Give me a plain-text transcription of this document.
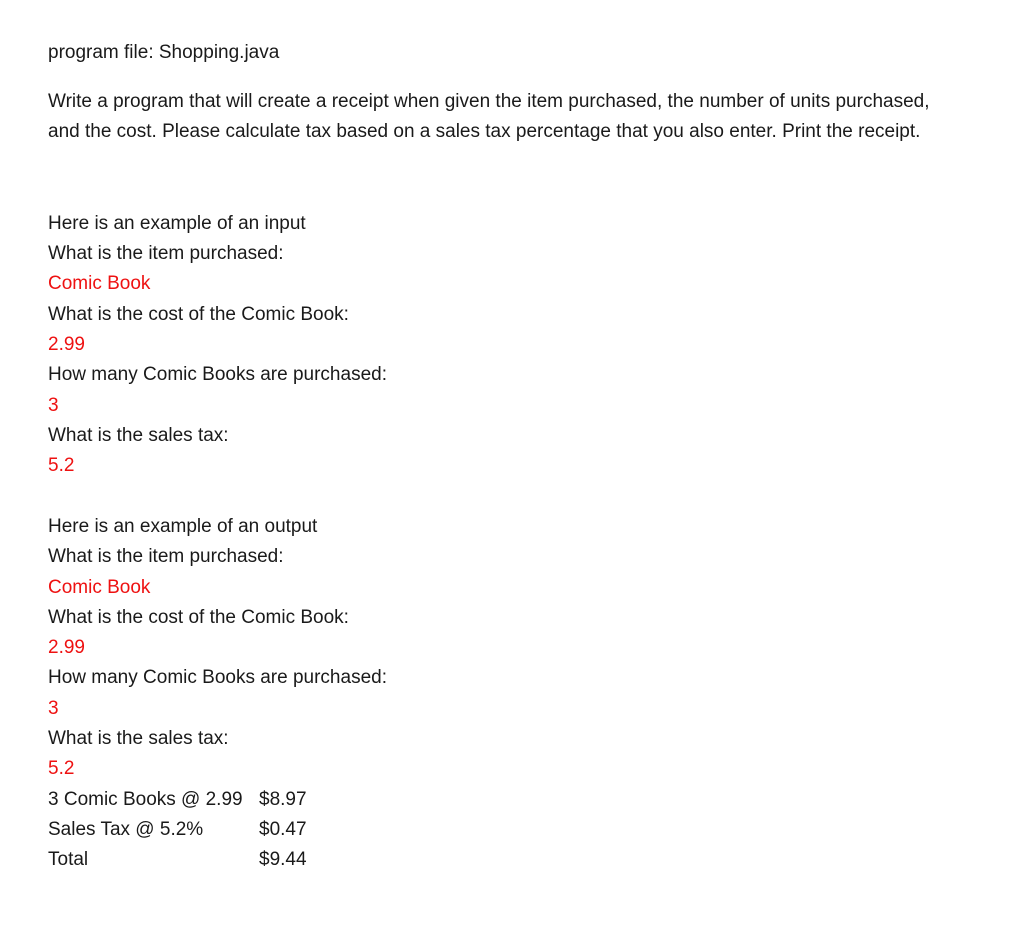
program file: Shopping.java
Write a program that will create a receipt when given the item purchased, the number of units purchased, and the cost. Please calculate tax based on a sales tax percentage that you also enter. Print the receipt.
Here is an example of an input
What is the item purchased:
Comic Book
What is the cost of the Comic Book:
2.99
How many Comic Books are purchased:
3
What is the sales tax:
5.2
Here is an example of an output
What is the item purchased:
Comic Book
What is the cost of the Comic Book:
2.99
How many Comic Books are purchased:
3
What is the sales tax:
5.2
3 Comic Books @ 2.99 $8.97
Sales Tax @ 5.2%	$0.47
Total	$9.44
